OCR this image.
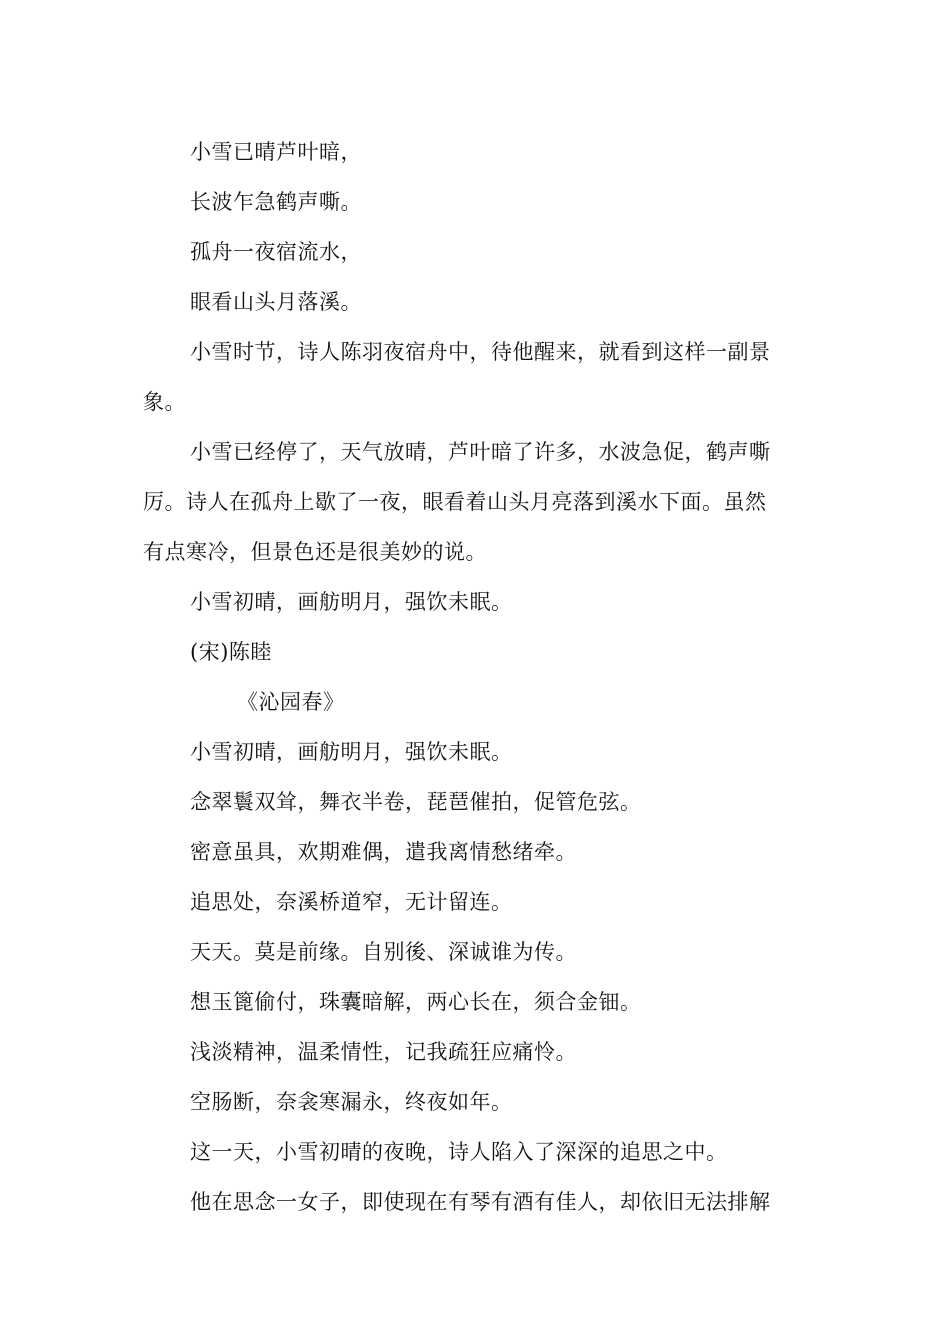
小雪已晴芦叶暗，
长波乍急鹤声嘶。
孤舟一夜宿流水，
眼看山头月落溪。
小雪时节，诗人陈羽夜宿舟中，待他醒来，就看到这样一副景
象。
小雪已经停了，天气放晴，芦叶暗了许多，水波急促，鹤声嘶
厉。诗人在孤舟上歇了一夜，眼看着山头月亮落到溪水下面。虽然
有点寒冷，但景色还是很美妙的说。
小雪初晴，画舫明月，强饮未眠。
(宋)陈睦
《沁园春》
小雪初晴，画舫明月，强饮未眠。
念翠鬟双耸，舞衣半卷，琵琶催拍，促管危弦。
密意虽具，欢期难偶，遣我离情愁绪牵。
追思处，奈溪桥道窄，无计留连。
天天。莫是前缘。自别後、深诚谁为传。
想玉篦偷付，珠囊暗解，两心长在，须合金钿。
浅淡精神，温柔情性，记我疏狂应痛怜。
空肠断，奈衾寒漏永，终夜如年。
这一天，小雪初晴的夜晚，诗人陷入了深深的追思之中。
他在思念一女子，即使现在有琴有酒有佳人，却依旧无法排解
